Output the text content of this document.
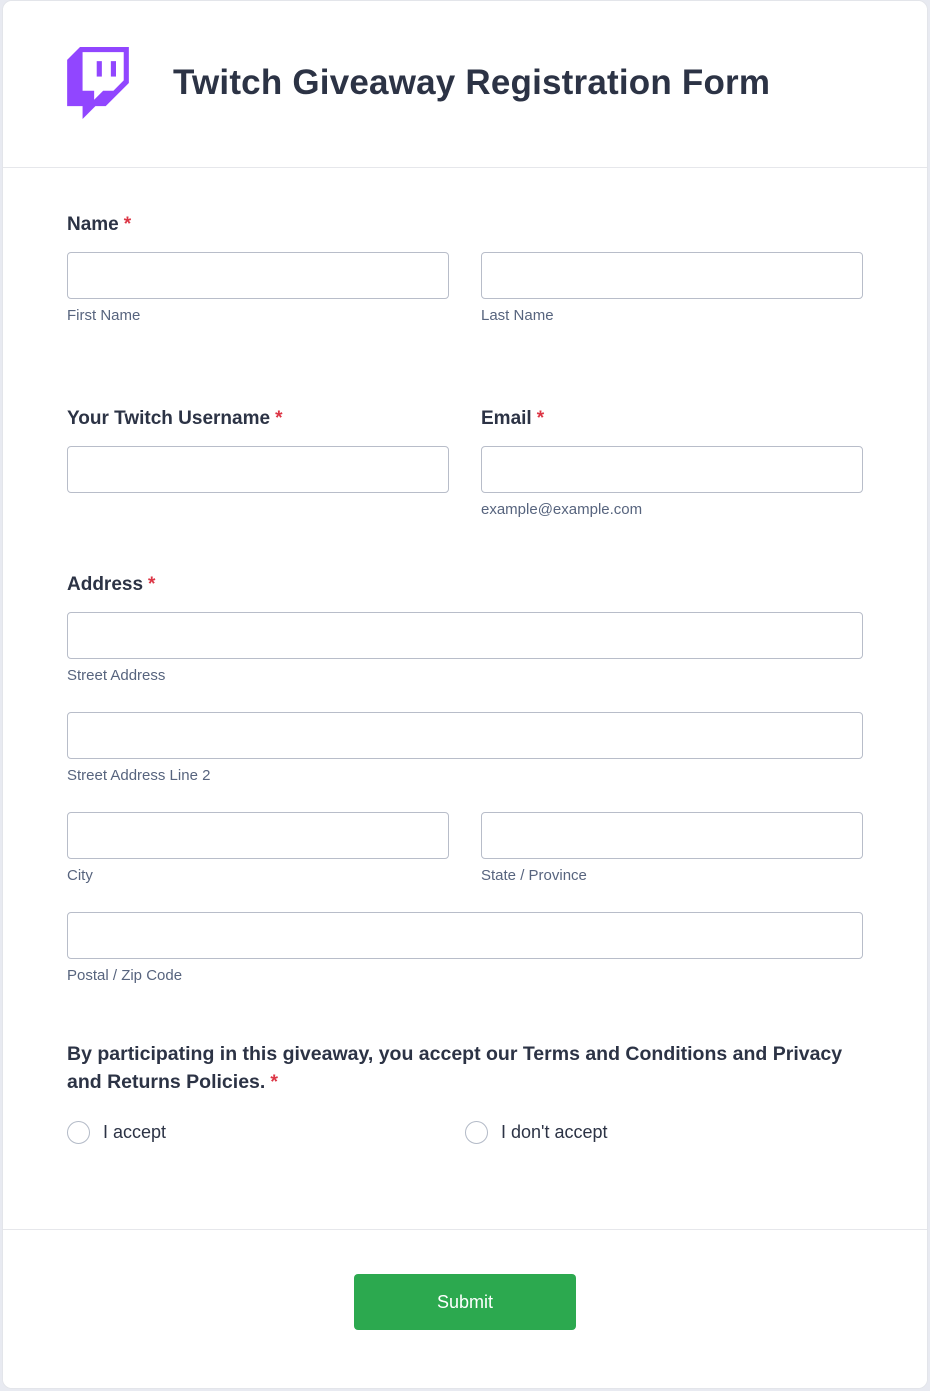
Twitch Giveaway Registration Form
Name *
First Name	Last Name
Your Twitch Username *	Email *
example@example.com
Address *
Street Address
Street Address Line 2
City	State / Province
Postal / Zip Code
By participating in this giveaway, you accept our Terms and Conditions and Privacy and Returns Policies. *
I accept	I don't accept
Submit
